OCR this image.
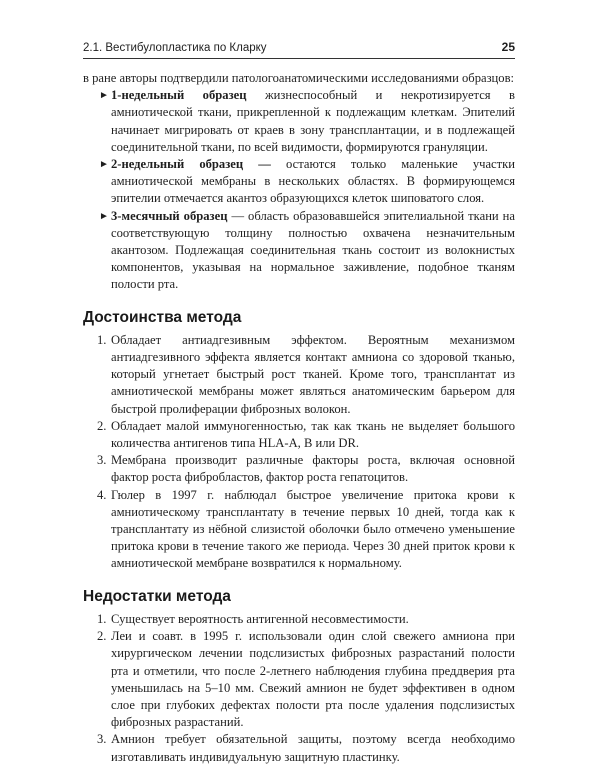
2.1. Вестибулопластика по Кларку	25

в ране авторы подтвердили патологоанатомическими исследованиями образцов:

► 1-недельный образец жизнеспособный и некротизируется в амниотической ткани, прикрепленной к подлежащим клеткам. Эпителий начинает мигрировать от краев в зону трансплантации, и в подлежащей соединительной ткани, по всей видимости, формируются грануляции.
► 2-недельный образец — остаются только маленькие участки амниотической мембраны в нескольких областях. В формирующемся эпителии отмечается акантоз образующихся клеток шиповатого слоя.
► 3-месячный образец — область образовавшейся эпителиальной ткани на соответствующую толщину полностью охвачена незначительным акантозом. Подлежащая соединительная ткань состоит из волокнистых компонентов, указывая на нормальное заживление, подобное тканям полости рта.
Достоинства метода
1. Обладает антиадгезивным эффектом. Вероятным механизмом антиадгезивного эффекта является контакт амниона со здоровой тканью, который угнетает быстрый рост тканей. Кроме того, трансплантат из амниотической мембраны может являться анатомическим барьером для быстрой пролиферации фиброзных волокон.
2. Обладает малой иммуногенностью, так как ткань не выделяет большого количества антигенов типа HLA-A, B или DR.
3. Мембрана производит различные факторы роста, включая основной фактор роста фибробластов, фактор роста гепатоцитов.
4. Гюлер в 1997 г. наблюдал быстрое увеличение притока крови к амниотическому трансплантату в течение первых 10 дней, тогда как к трансплантату из нёбной слизистой оболочки было отмечено уменьшение притока крови в течение такого же периода. Через 30 дней приток крови к амниотической мембране возвратился к нормальному.
Недостатки метода
1. Существует вероятность антигенной несовместимости.
2. Леи и соавт. в 1995 г. использовали один слой свежего амниона при хирургическом лечении подслизистых фиброзных разрастаний полости рта и отметили, что после 2-летнего наблюдения глубина преддверия рта уменьшилась на 5–10 мм. Свежий амнион не будет эффективен в одном слое при глубоких дефектах полости рта после удаления подслизистых фиброзных разрастаний.
3. Амнион требует обязательной защиты, поэтому всегда необходимо изготавливать индивидуальную защитную пластинку.
